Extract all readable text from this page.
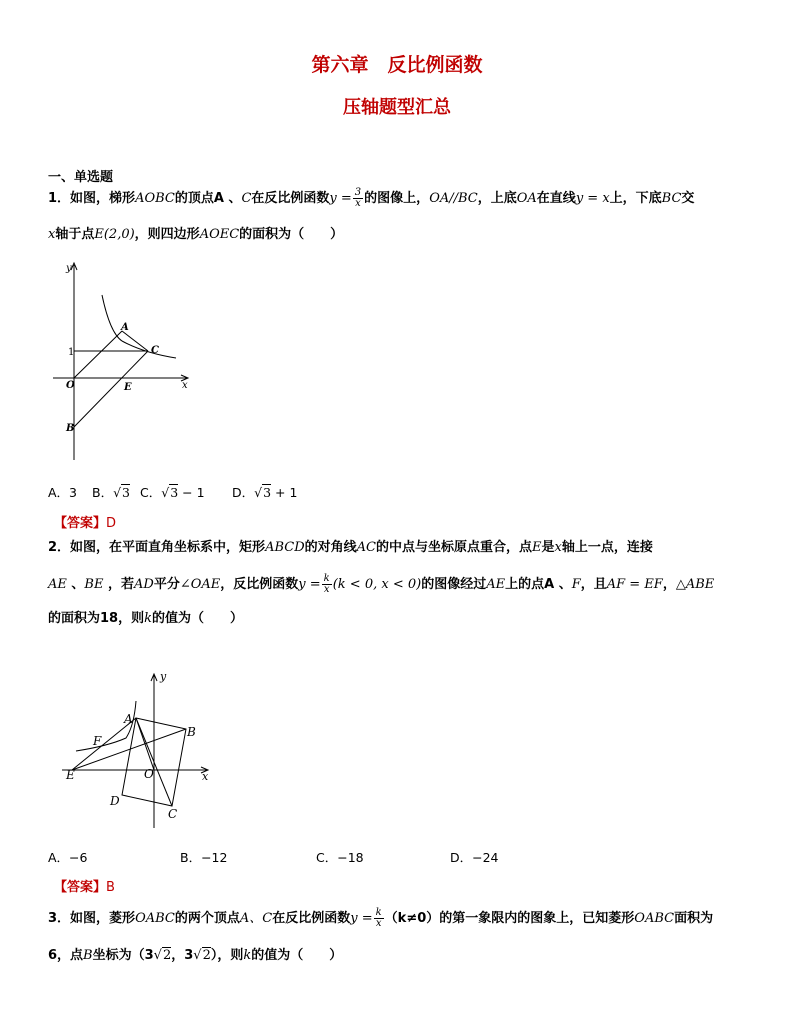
第六章　反比例函数
压轴题型汇总
一、单选题
1．如图，梯形AOBC的顶点A 、C在反比例函数$y = \frac{3}{x}$ 的图像上，OA//BC，上底OA在直线y = x上，下底BC交
x轴于点E(2,0)，则四边形AOEC的面积为（　　）
y
x
1
O
A
C
E
B
A．3 B．√3 C．√3 − 1 D．√3 + 1
【答案】D
2．如图，在平面直角坐标系中，矩形ABCD的对角线AC的中点与坐标原点重合，点E是x轴上一点，连接
AE 、BE ，若AD平分∠OAE，反比例函数$y = \frac{k}{x} (k < 0$, x < 0)的图像经过AE上的点A 、F，且AF = EF，△ABE
的面积为18，则k的值为（　　）
y
x
O
A
B
C
D
E
F
A．−6	B．−12	C．−18	D．−24
【答案】B
3．如图，菱形OABC的两个顶点A、C在反比例函数$y = \frac{k}{x} (k\ne 0)$的第一象限内的图象上，已知菱形OABC面积为
6，点B坐标为（3√2，3√2），则k的值为（　　）
